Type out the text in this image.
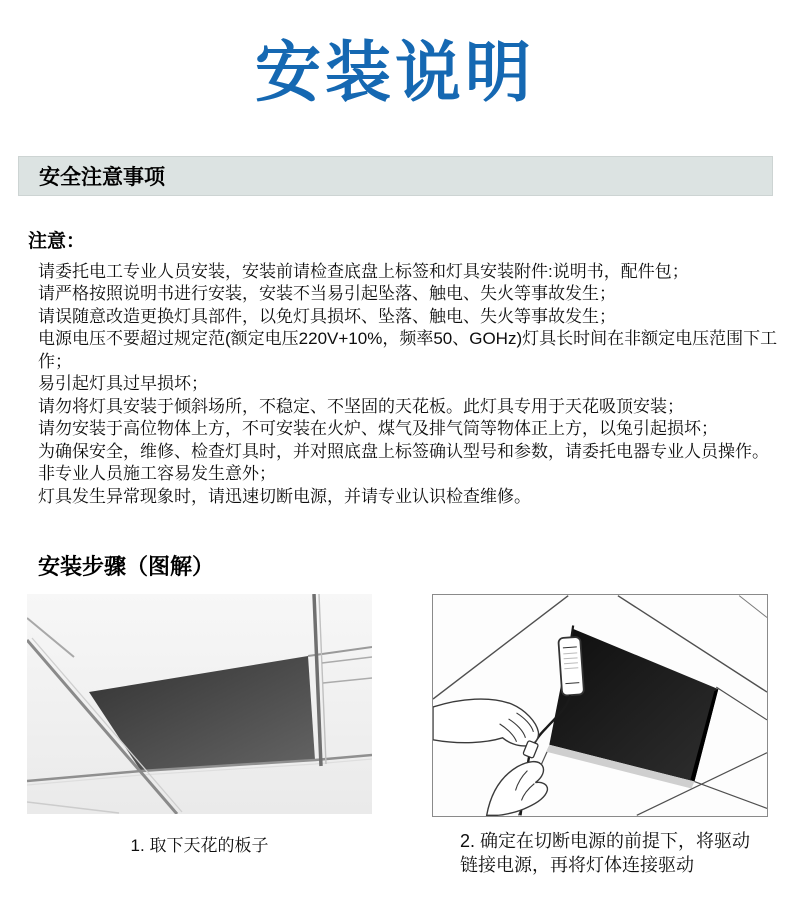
安装说明
安全注意事项
注意：

请委托电工专业人员安装，安装前请检查底盘上标签和灯具安装附件:说明书，配件包；

请严格按照说明书进行安装，安装不当易引起坠落、触电、失火等事故发生；

请误随意改造更换灯具部件，以免灯具损坏、坠落、触电、失火等事故发生；

电源电压不要超过规定范(额定电压220V+10%，频率50、GOHz)灯具长时间在非额定电压范围下工作；

易引起灯具过早损坏；

请勿将灯具安装于倾斜场所，不稳定、不坚固的天花板。此灯具专用于天花吸顶安装；

请勿安装于高位物体上方，不可安装在火炉、煤气及排气筒等物体正上方，以兔引起损坏；

为确保安全，维修、检查灯具时，并对照底盘上标签确认型号和参数，请委托电器专业人员操作。非专业人员施工容易发生意外；

灯具发生异常现象时，请迅速切断电源，并请专业认识检查维修。

安装步骤（图解）
1. 取下天花的板子	2. 确定在切断电源的前提下，将驱动链接电源，再将灯体连接驱动
